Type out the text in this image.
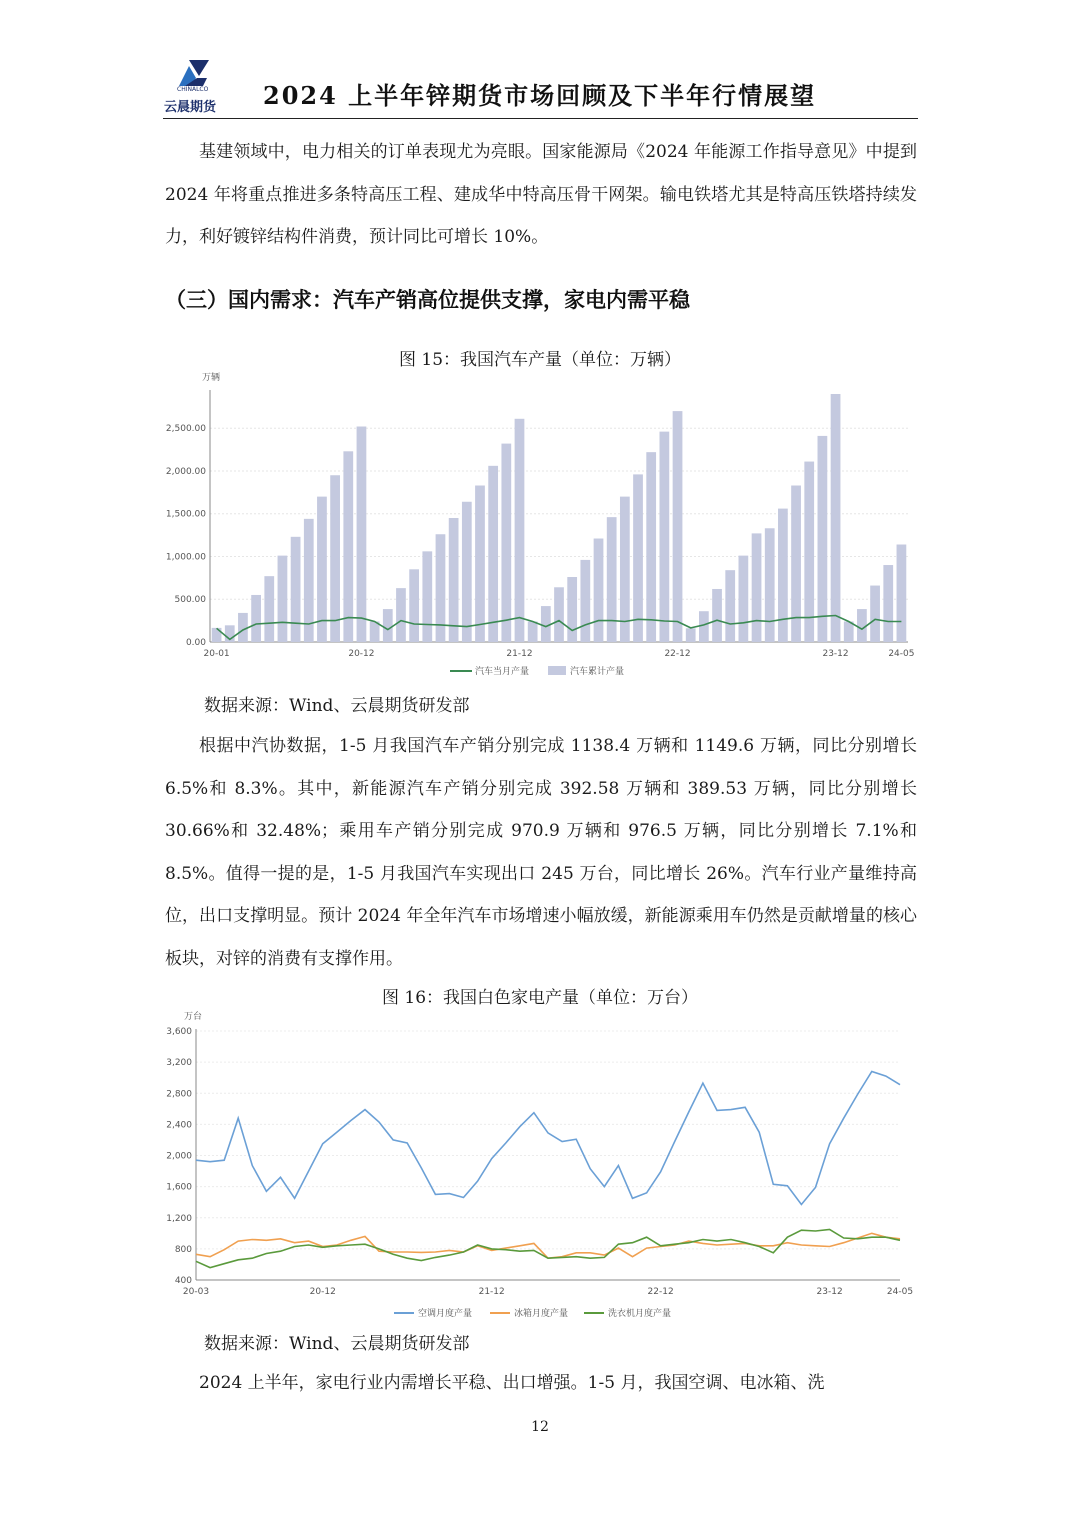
CHINALCO
云晨期货 2024 上半年锌期货市场回顾及下半年行情展望

基建领域中，电力相关的订单表现尤为亮眼。国家能源局《2024 年能源工作指导意见》中提到 2024 年将重点推进多条特高压工程、建成华中特高压骨干网架。输电铁塔尤其是特高压铁塔持续发力，利好镀锌结构件消费，预计同比可增长 10%。

（三）国内需求：汽车产销高位提供支撑，家电内需平稳
图 15：我国汽车产量（单位：万辆）
万辆
0.00
500.00
1,000.00
1,500.00
2,000.00
2,500.00
20-01	20-12	21-12	22-12	23-12	24-05
汽车当月产量	汽车累计产量
数据来源：Wind、云晨期货研发部

根据中汽协数据，1-5 月我国汽车产销分别完成 1138.4 万辆和 1149.6 万辆，同比分别增长 6.5%和 8.3%。其中，新能源汽车产销分别完成 392.58 万辆和 389.53 万辆，同比分别增长 30.66%和 32.48%；乘用车产销分别完成 970.9 万辆和 976.5 万辆，同比分别增长 7.1%和 8.5%。值得一提的是，1-5 月我国汽车实现出口 245 万台，同比增长 26%。汽车行业产量维持高位，出口支撑明显。预计 2024 年全年汽车市场增速小幅放缓，新能源乘用车仍然是贡献增量的核心板块，对锌的消费有支撑作用。

图 16：我国白色家电产量（单位：万台）
万台
400
800
1,200
1,600
2,000
2,400
2,800
3,200
3,600
20-03	20-12	21-12	22-12	23-12	24-05
空调月度产量	冰箱月度产量	洗衣机月度产量
数据来源：Wind、云晨期货研发部

2024 上半年，家电行业内需增长平稳、出口增强。1-5 月，我国空调、电冰箱、洗

12
